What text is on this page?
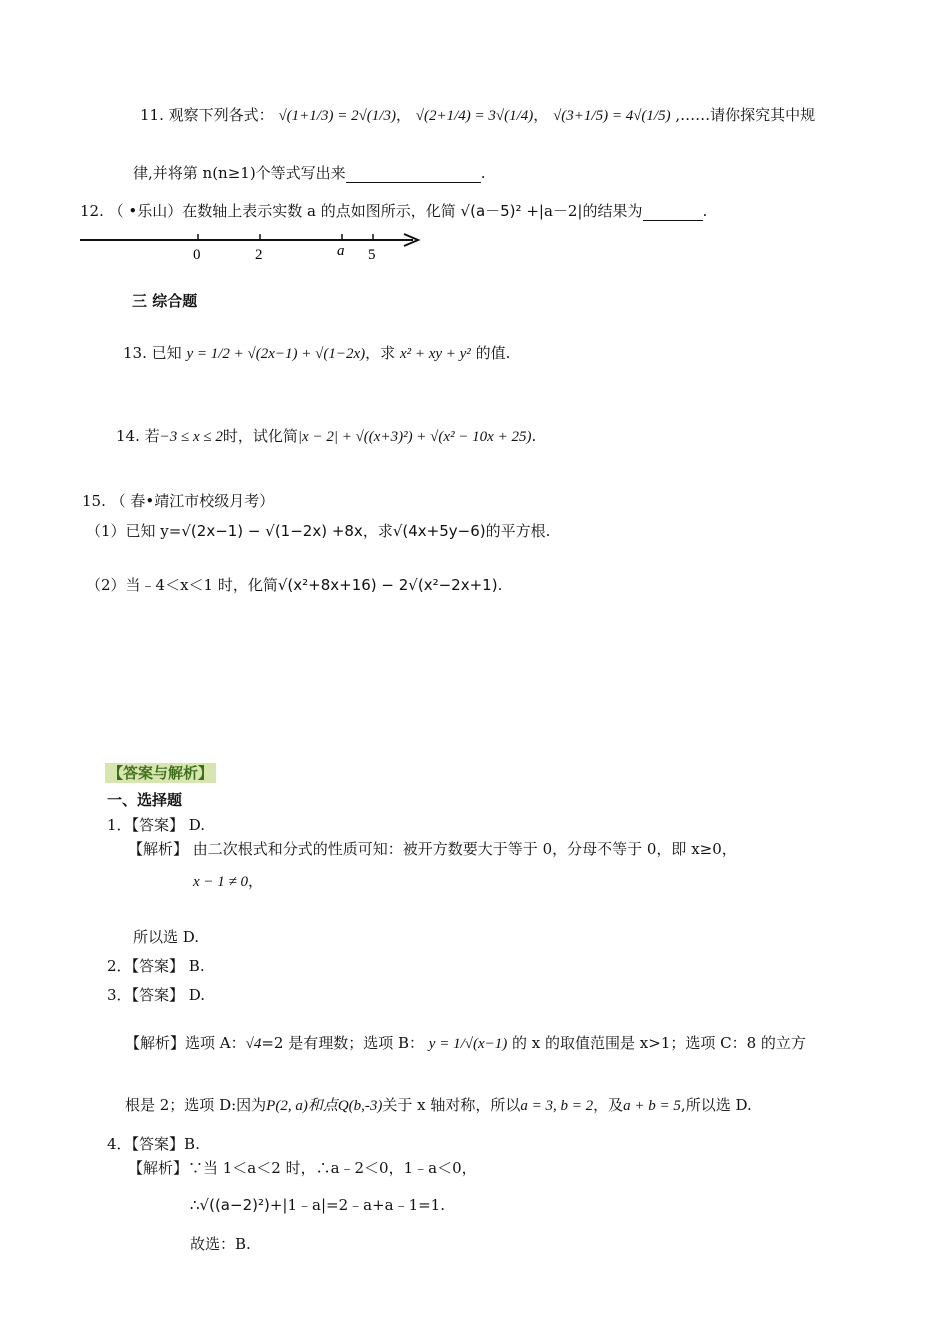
11. 观察下列各式： √(1+1/3) = 2√(1/3)， √(2+1/4) = 3√(1/4)， √(3+1/5) = 4√(1/5) ,……请你探究其中规
律,并将第 n(n≥1)个等式写出来	.
12. （ •乐山）在数轴上表示实数 a 的点如图所示，化简 √(a－5)² +|a－2|的结果为	.
0	2	a 5
三 综合题
13. 已知 y = 1/2 + √(2x−1) + √(1−2x)，求 x² + xy + y² 的值.
14. 若−3 ≤ x ≤ 2时，试化简|x − 2| + √((x+3)²) + √(x² − 10x + 25).
15. （ 春•靖江市校级月考）
（1）已知 y=√(2x−1) − √(1−2x) +8x，求√(4x+5y−6)的平方根.
（2）当﹣4＜x＜1 时，化简√(x²+8x+16) − 2√(x²−2x+1).
【答案与解析】
一、选择题
1．【答案】 D.
【解析】 由二次根式和分式的性质可知：被开方数要大于等于 0，分母不等于 0，即 x≥0，
x − 1 ≠ 0，
所以选 D.
2．【答案】 B.
3．【答案】 D.
【解析】选项 A：√4=2 是有理数；选项 B： y = 1/√(x−1) 的 x 的取值范围是 x>1；选项 C：8 的立方
根是 2；选项 D:因为P(2, a)和点Q(b,-3)关于 x 轴对称，所以a = 3, b = 2，及a + b = 5,所以选 D.
4．【答案】B.
【解析】∵当 1＜a＜2 时，∴a﹣2＜0，1﹣a＜0，
∴√((a−2)²)+|1﹣a|=2﹣a+a﹣1=1.
故选：B.
